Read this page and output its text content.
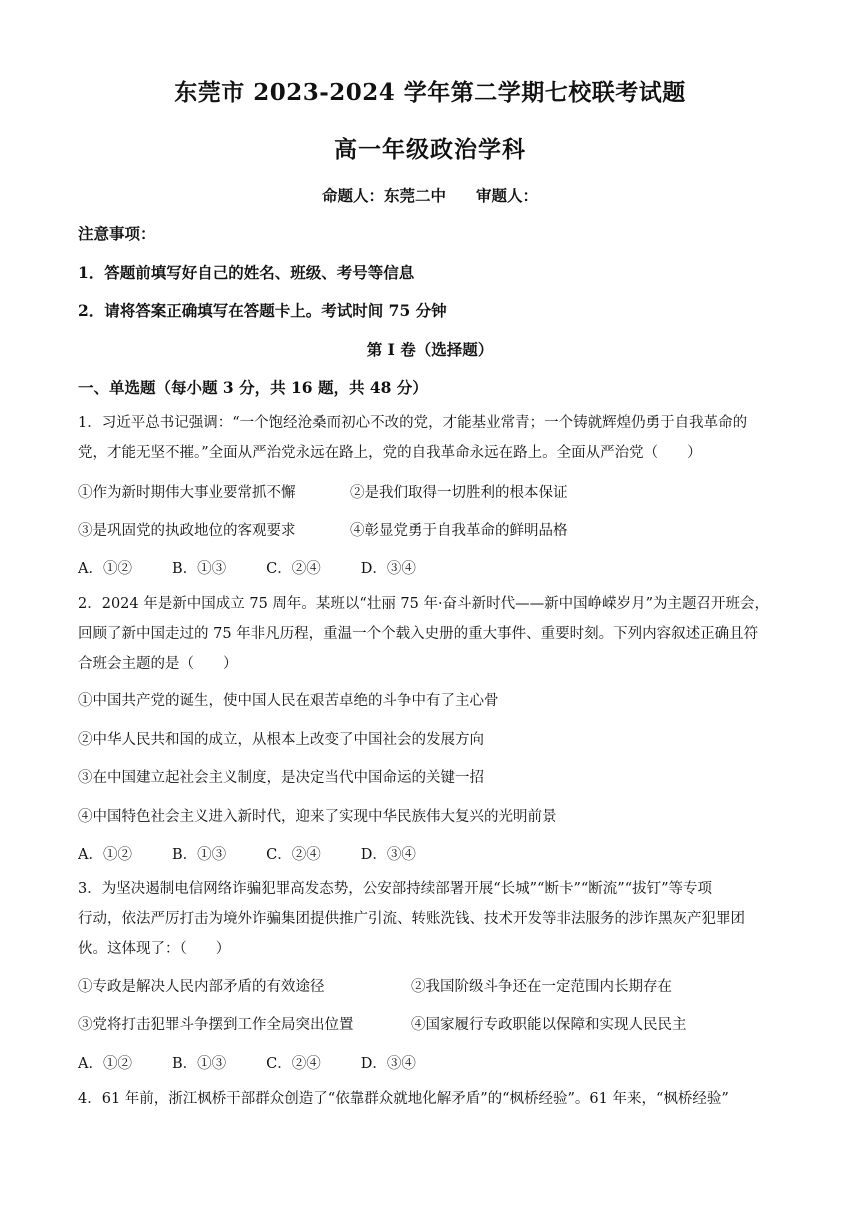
东莞市 2023-2024 学年第二学期七校联考试题
高一年级政治学科
命题人：东莞二中 审题人：
注意事项：
1．答题前填写好自己的姓名、班级、考号等信息
2．请将答案正确填写在答题卡上。考试时间 75 分钟
第 I 卷（选择题）
一、单选题（每小题 3 分，共 16 题，共 48 分）
1．习近平总书记强调：“一个饱经沧桑而初心不改的党，才能基业常青；一个铸就辉煌仍勇于自我革命的
党，才能无坚不摧。”全面从严治党永远在路上，党的自我革命永远在路上。全面从严治党（　　）
①作为新时期伟大事业要常抓不懈	②是我们取得一切胜利的根本保证
③是巩固党的执政地位的客观要求	④彰显党勇于自我革命的鲜明品格
A．①②	B．①③	C．②④	D．③④
2．2024 年是新中国成立 75 周年。某班以“壮丽 75 年·奋斗新时代——新中国峥嵘岁月”为主题召开班会，
回顾了新中国走过的 75 年非凡历程，重温一个个载入史册的重大事件、重要时刻。下列内容叙述正确且符
合班会主题的是（　　）
①中国共产党的诞生，使中国人民在艰苦卓绝的斗争中有了主心骨
②中华人民共和国的成立，从根本上改变了中国社会的发展方向
③在中国建立起社会主义制度，是决定当代中国命运的关键一招
④中国特色社会主义进入新时代，迎来了实现中华民族伟大复兴的光明前景
A．①②	B．①③	C．②④	D．③④
3．为坚决遏制电信网络诈骗犯罪高发态势，公安部持续部署开展“长城”“断卡”“断流”“拔钉”等专项
行动，依法严厉打击为境外诈骗集团提供推广引流、转账洗钱、技术开发等非法服务的涉诈黑灰产犯罪团
伙。这体现了：（　　）
①专政是解决人民内部矛盾的有效途径	②我国阶级斗争还在一定范围内长期存在
③党将打击犯罪斗争摆到工作全局突出位置	④国家履行专政职能以保障和实现人民民主
A．①②	B．①③	C．②④	D．③④
4．61 年前，浙江枫桥干部群众创造了“依靠群众就地化解矛盾”的“枫桥经验”。61 年来，“枫桥经验”
